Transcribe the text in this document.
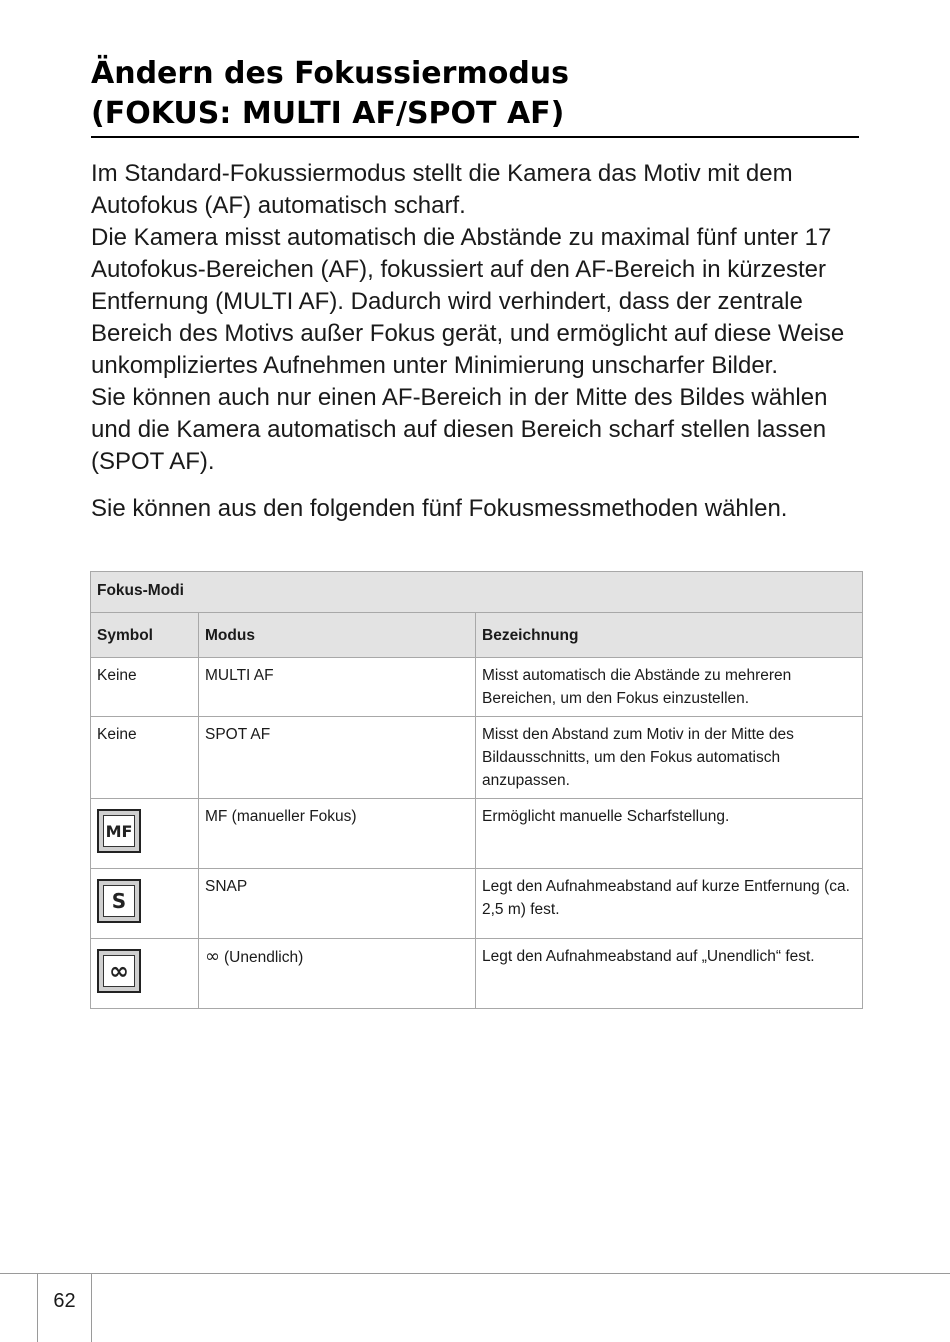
Ändern des Fokussiermodus
(FOKUS: MULTI AF/SPOT AF)

Im Standard-Fokussiermodus stellt die Kamera das Motiv mit dem Autofokus (AF) automatisch scharf.

Die Kamera misst automatisch die Abstände zu maximal fünf unter 17 Autofokus-Bereichen (AF), fokussiert auf den AF-Bereich in kürzester Entfernung (MULTI AF). Dadurch wird verhindert, dass der zentrale Bereich des Motivs außer Fokus gerät, und ermöglicht auf diese Weise unkompliziertes Aufnehmen unter Minimierung unscharfer Bilder.

Sie können auch nur einen AF-Bereich in der Mitte des Bildes wählen und die Kamera automatisch auf diesen Bereich scharf stellen lassen (SPOT AF).

Sie können aus den folgenden fünf Fokusmessmethoden wählen.

Fokus-Modi		
Symbol	Modus	Bezeichnung
Keine	MULTI AF	Misst automatisch die Abstände zu mehreren Bereichen, um den Fokus einzustellen.
Keine	SPOT AF	Misst den Abstand zum Motiv in der Mitte des Bildausschnitts, um den Fokus automatisch anzupassen.

MF	MF (manueller Fokus)	Ermöglicht manuelle Scharfstellung.

S	SNAP	Legt den Aufnahmeabstand auf kurze Entfernung (ca. 2,5 m) fest.

∞	∞ (Unendlich)	Legt den Aufnahmeabstand auf „Unendlich“ fest.
62
